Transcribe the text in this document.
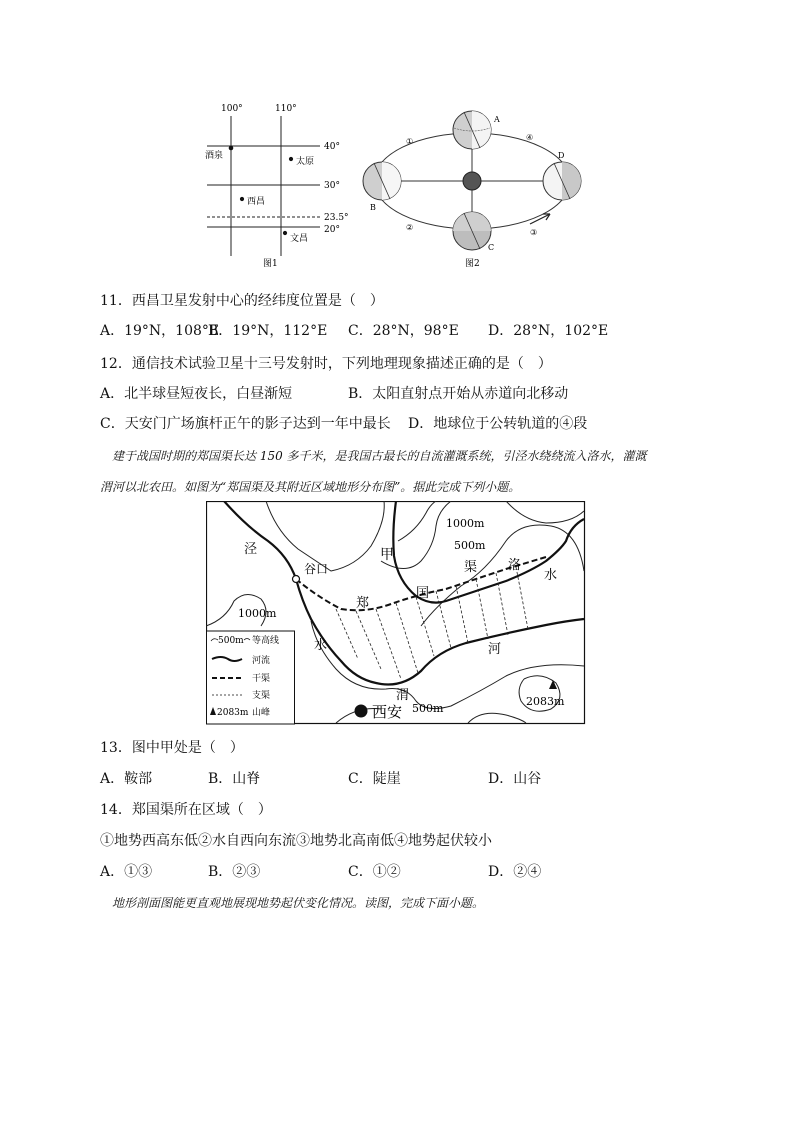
100°	110°
40°
30°
23.5°
20°
酒泉
太原
西昌
文昌
图1
A
B
C
D
①
②
③
④
图2
11．西昌卫星发射中心的经纬度位置是（　）
A．19°N，108°E
B．19°N，112°E C．28°N，98°E D．28°N，102°E
12．通信技术试验卫星十三号发射时，下列地理现象描述正确的是（　）
A．北半球昼短夜长，白昼渐短	B．太阳直射点开始从赤道向北移动
C．天安门广场旗杆正午的影子达到一年中最长 D．地球位于公转轨道的④段
建于战国时期的郑国渠长达 150 多千米，是我国古最长的自流灌溉系统，引泾水绕绕流入洛水，灌溉
渭河以北农田。如图为“郑国渠及其附近区域地形分布图”。据此完成下列小题。
泾
谷口
甲
郑
国
渠 洛
水
水	河
渭
西安
1000m
500m
1000m
500m
2083m
500m 等高线
河流
干渠
支渠
2083m 山峰
13．图中甲处是（　）
A．鞍部	B．山脊	C．陡崖	D．山谷
14．郑国渠所在区域（　）
①地势西高东低②水自西向东流③地势北高南低④地势起伏较小
A．①③	B．②③	C．①②	D．②④
地形剖面图能更直观地展现地势起伏变化情况。读图，完成下面小题。
